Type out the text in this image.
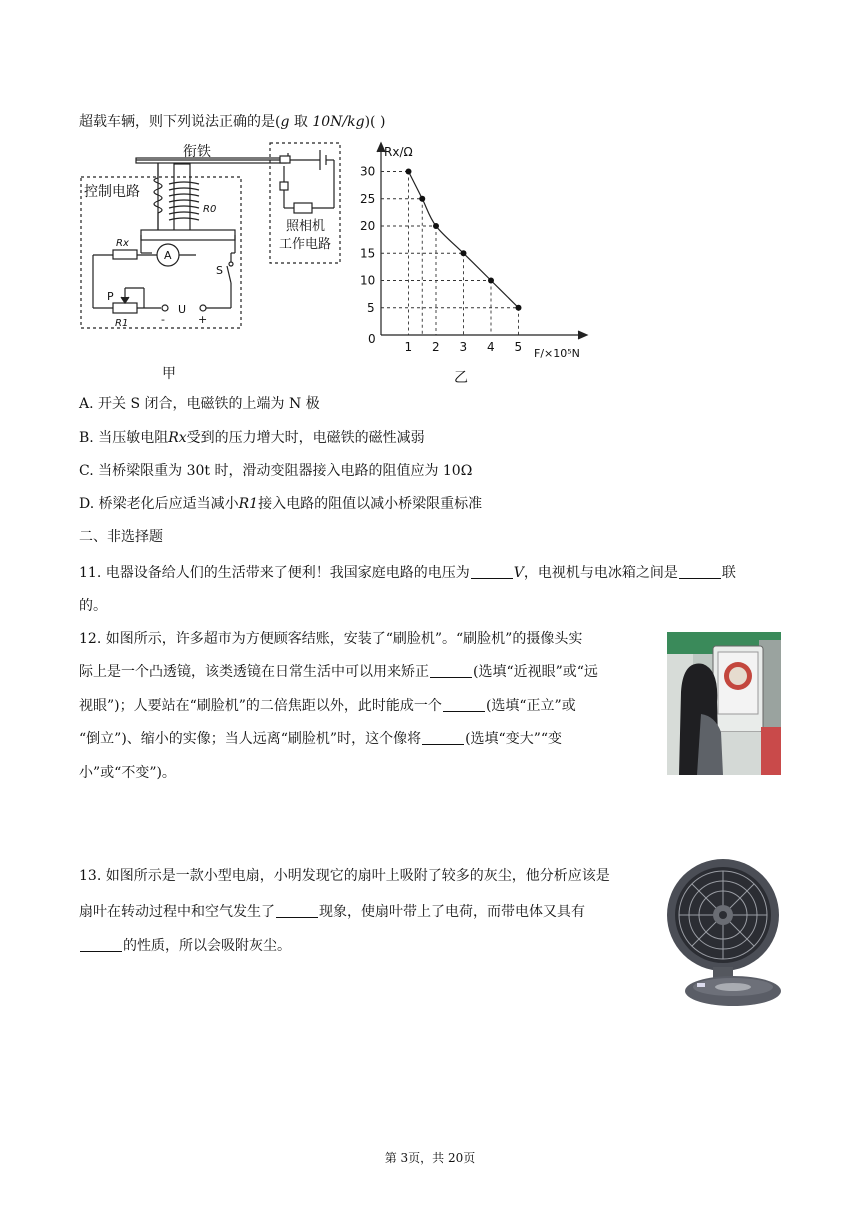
超载车辆，则下列说法正确的是(g 取 10N/kg)( )
衔铁
控制电路
R0
Rx
A
S
P
R1	-
U
+
照相机
工作电路
甲
1 2 3 4 5
5
10
15
20
25
30
Rx/Ω
F/×10⁵N
0
乙
A. 开关 S 闭合，电磁铁的上端为 N 极
B. 当压敏电阻Rx受到的压力增大时，电磁铁的磁性减弱
C. 当桥梁限重为 30t 时，滑动变阻器接入电路的阻值应为 10Ω
D. 桥梁老化后应适当减小R1接入电路的阻值以减小桥梁限重标准
二、非选择题
11. 电器设备给人们的生活带来了便利！我国家庭电路的电压为	V，电视机与电冰箱之间是	联
的。
12. 如图所示，许多超市为方便顾客结账，安装了“刷脸机”。“刷脸机”的摄像头实
际上是一个凸透镜，该类透镜在日常生活中可以用来矫正	(选填“近视眼”或“远
视眼”)；人要站在“刷脸机”的二倍焦距以外，此时能成一个	(选填“正立”或
“倒立”)、缩小的实像；当人远离“刷脸机”时，这个像将	(选填“变大”“变
小”或“不变”)。
13. 如图所示是一款小型电扇，小明发现它的扇叶上吸附了较多的灰尘，他分析应该是
扇叶在转动过程中和空气发生了	现象，使扇叶带上了电荷，而带电体又具有
的性质，所以会吸附灰尘。
第 3页，共 20页
